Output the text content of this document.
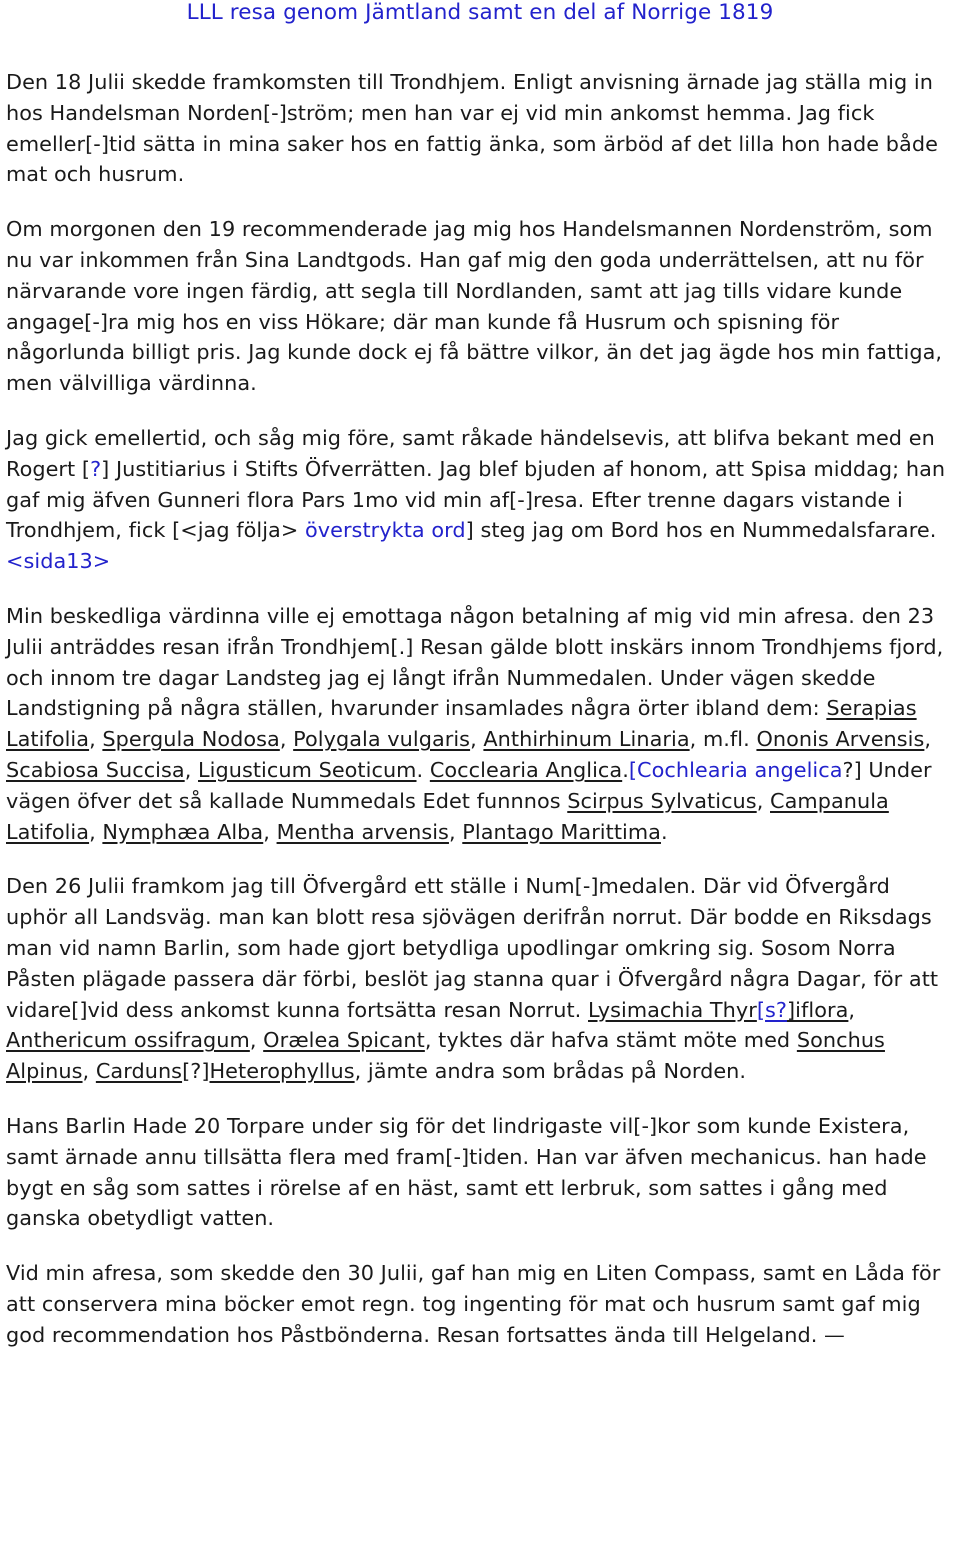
LLL resa genom Jämtland samt en del af Norrige 1819

Den 18 Julii skedde framkomsten till Trondhjem. Enligt anvisning ärnade jag ställa mig in hos Handelsman Norden[-]ström; men han var ej vid min ankomst hemma. Jag fick emeller[-]tid sätta in mina saker hos en fattig änka, som ärböd af det lilla hon hade både mat och husrum.

Om morgonen den 19 recommenderade jag mig hos Handelsmannen Nordenström, som nu var inkommen från Sina Landtgods. Han gaf mig den goda underrättelsen, att nu för närvarande vore ingen färdig, att segla till Nordlanden, samt att jag tills vidare kunde angage[-]ra mig hos en viss Hökare; där man kunde få Husrum och spisning för någorlunda billigt pris. Jag kunde dock ej få bättre vilkor, än det jag ägde hos min fattiga, men välvilliga värdinna.

Jag gick emellertid, och såg mig före, samt råkade händelsevis, att blifva bekant med en Rogert [?] Justitiarius i Stifts Öfverrätten. Jag blef bjuden af honom, att Spisa middag; han gaf mig äfven Gunneri flora Pars 1mo vid min af[-]resa. Efter trenne dagars vistande i Trondhjem, fick [<jag följa> överstrykta ord] steg jag om Bord hos en Nummedalsfarare. <sida13>

Min beskedliga värdinna ville ej emottaga någon betalning af mig vid min afresa. den 23 Julii anträddes resan ifrån Trondhjem[.] Resan gälde blott inskärs innom Trondhjems fjord, och innom tre dagar Landsteg jag ej långt ifrån Nummedalen. Under vägen skedde Landstigning på några ställen, hvarunder insamlades några örter ibland dem: Serapias Latifolia, Spergula Nodosa, Polygala vulgaris, Anthirhinum Linaria, m.fl. Ononis Arvensis, Scabiosa Succisa, Ligusticum Seoticum. Cocclearia Anglica.[Cochlearia angelica?] Under vägen öfver det så kallade Nummedals Edet funnnos Scirpus Sylvaticus, Campanula Latifolia, Nymphæa Alba, Mentha arvensis, Plantago Marittima.

Den 26 Julii framkom jag till Öfvergård ett ställe i Num[-]medalen. Där vid Öfvergård uphör all Landsväg. man kan blott resa sjövägen derifrån norrut. Där bodde en Riksdags man vid namn Barlin, som hade gjort betydliga upodlingar omkring sig. Sosom Norra Påsten plägade passera där förbi, beslöt jag stanna quar i Öfvergård några Dagar, för att vidare[]vid dess ankomst kunna fortsätta resan Norrut. Lysimachia Thyr[s?]iflora, Anthericum ossifragum, Orælea Spicant, tyktes där hafva stämt möte med Sonchus Alpinus, Carduns[?]Heterophyllus, jämte andra som brådas på Norden.

Hans Barlin Hade 20 Torpare under sig för det lindrigaste vil[-]kor som kunde Existera, samt ärnade annu tillsätta flera med fram[-]tiden. Han var äfven mechanicus. han hade bygt en såg som sattes i rörelse af en häst, samt ett lerbruk, som sattes i gång med ganska obetydligt vatten.

Vid min afresa, som skedde den 30 Julii, gaf han mig en Liten Compass, samt en Låda för att conservera mina böcker emot regn. tog ingenting för mat och husrum samt gaf mig god recommendation hos Påstbönderna. Resan fortsattes ända till Helgeland. —
